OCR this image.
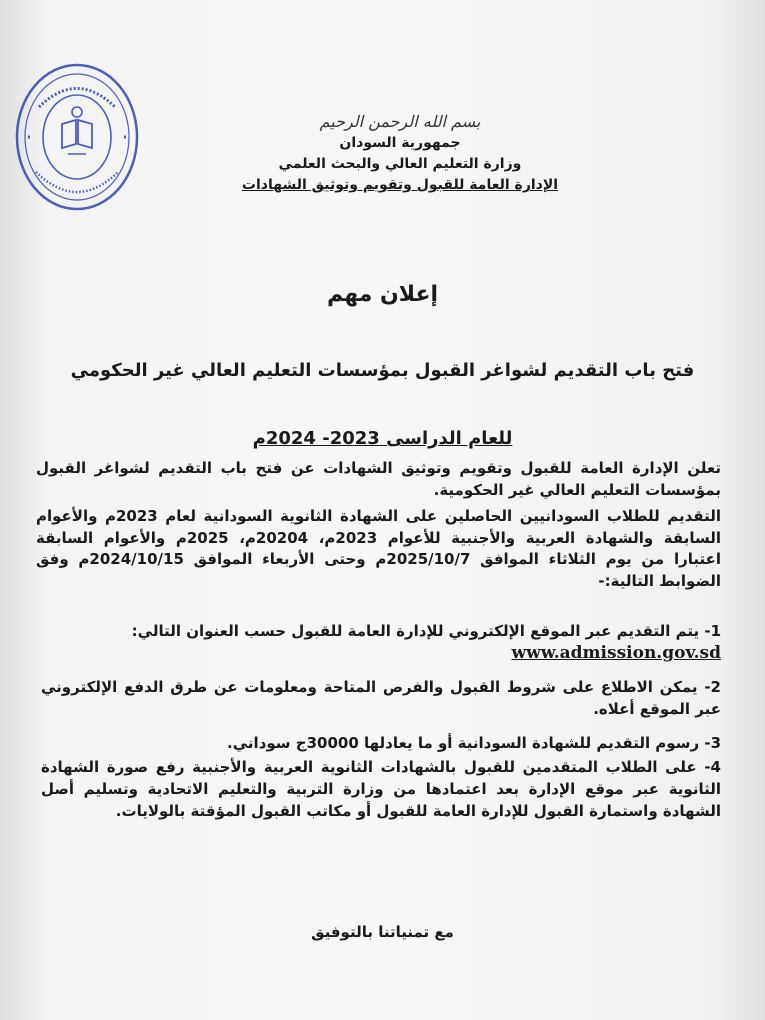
بسم الله الرحمن الرحيم
جمهورية السودان
وزارة التعليم العالي والبحث العلمي
الإدارة العامة للقبول وتقويم وتوثيق الشهادات
إعلان مهم
فتح باب التقديم لشواغر القبول بمؤسسات التعليم العالي غير الحكومي
للعام الدراسى 2023- 2024م
تعلن الإدارة العامة للقبول وتقويم وتوثيق الشهادات عن فتح باب التقديم لشواغر القبول بمؤسسات التعليم العالي غير الحكومية.
التقديم للطلاب السودانيين الحاصلين على الشهادة الثانوية السودانية لعام 2023م والأعوام السابقة والشهادة العربية والأجنبية للأعوام 2023م، 20204م، 2025م والأعوام السابقة اعتبارا من يوم الثلاثاء الموافق 2025/10/7م وحتى الأربعاء الموافق 2024/10/15م وفق الضوابط التالية:-
1- يتم التقديم عبر الموقع الإلكتروني للإدارة العامة للقبول حسب العنوان التالي:
www.admission.gov.sd
2- يمكن الاطلاع على شروط القبول والفرص المتاحة ومعلومات عن طرق الدفع الإلكتروني عبر الموقع أعلاه.
3- رسوم التقديم للشهادة السودانية أو ما يعادلها 30000ج سوداني.
4- على الطلاب المتقدمين للقبول بالشهادات الثانوية العربية والأجنبية رفع صورة الشهادة الثانوية عبر موقع الإدارة بعد اعتمادها من وزارة التربية والتعليم الاتحادية وتسليم أصل الشهادة واستمارة القبول للإدارة العامة للقبول أو مكاتب القبول المؤقتة بالولايات.
مع تمنياتنا بالتوفيق
